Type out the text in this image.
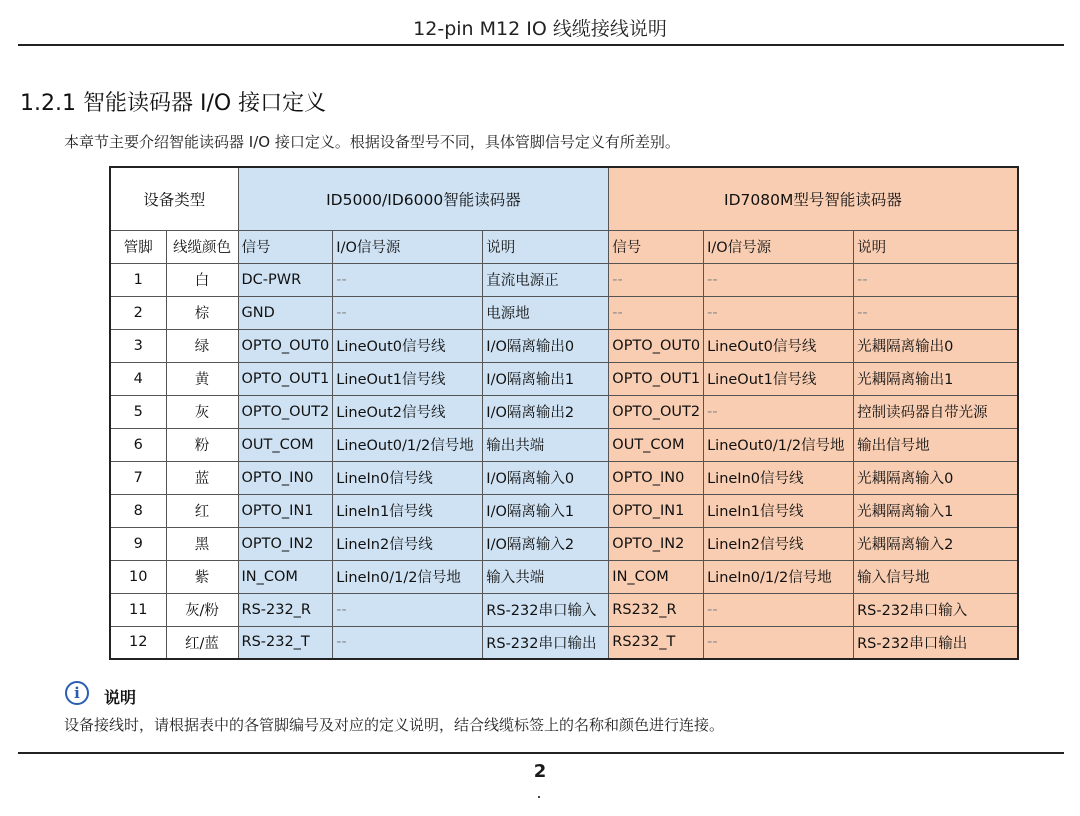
12-pin M12 IO 线缆接线说明
1.2.1 智能读码器 I/O 接口定义
本章节主要介绍智能读码器 I/O 接口定义。根据设备型号不同，具体管脚信号定义有所差别。
设备类型		ID5000/ID6000智能读码器			ID7080M型号智能读码器		
管脚	线缆颜色	信号	I/O信号源	说明	信号	I/O信号源	说明
1	白	DC-PWR	--	直流电源正	--	--	--
2	棕	GND	--	电源地	--	--	--
3	绿	OPTO_OUT0	LineOut0信号线	I/O隔离输出0	OPTO_OUT0	LineOut0信号线	光耦隔离输出0
4	黄	OPTO_OUT1	LineOut1信号线	I/O隔离输出1	OPTO_OUT1	LineOut1信号线	光耦隔离输出1
5	灰	OPTO_OUT2	LineOut2信号线	I/O隔离输出2	OPTO_OUT2	--	控制读码器自带光源
6	粉	OUT_COM	LineOut0/1/2信号地	输出共端	OUT_COM	LineOut0/1/2信号地	输出信号地
7	蓝	OPTO_IN0	LineIn0信号线	I/O隔离输入0	OPTO_IN0	LineIn0信号线	光耦隔离输入0
8	红	OPTO_IN1	LineIn1信号线	I/O隔离输入1	OPTO_IN1	LineIn1信号线	光耦隔离输入1
9	黑	OPTO_IN2	LineIn2信号线	I/O隔离输入2	OPTO_IN2	LineIn2信号线	光耦隔离输入2
10	紫	IN_COM	LineIn0/1/2信号地	输入共端	IN_COM	LineIn0/1/2信号地	输入信号地
11	灰/粉	RS-232_R	--	RS-232串口输入	RS232_R	--	RS-232串口输入
12	红/蓝	RS-232_T	--	RS-232串口输出	RS232_T	--	RS-232串口输出
i	说明
设备接线时，请根据表中的各管脚编号及对应的定义说明，结合线缆标签上的名称和颜色进行连接。
2
